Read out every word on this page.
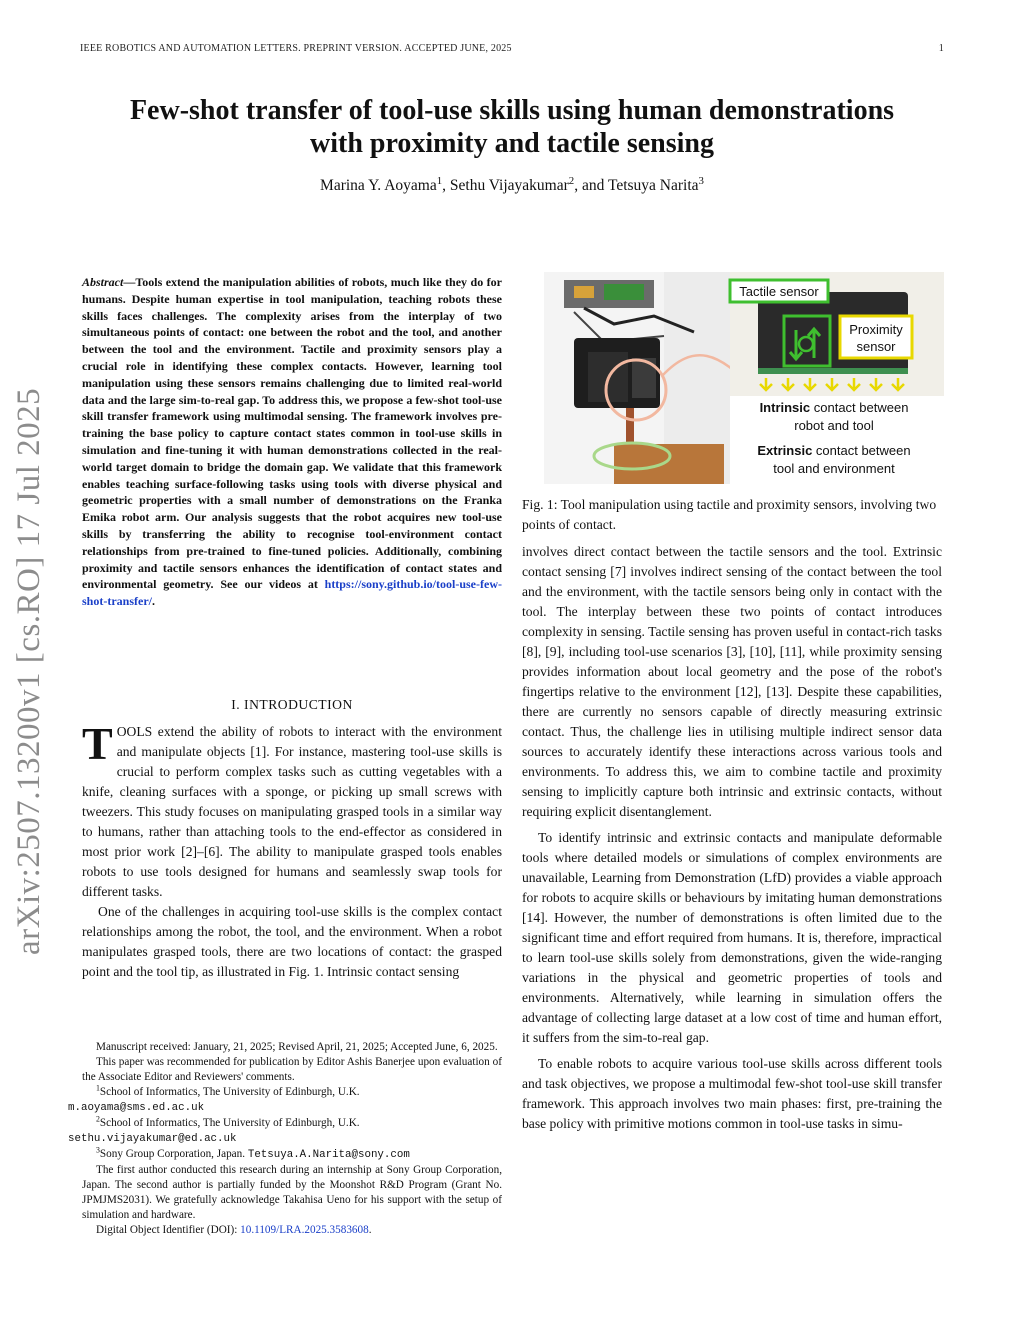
IEEE ROBOTICS AND AUTOMATION LETTERS. PREPRINT VERSION. ACCEPTED JUNE, 2025	1
Few-shot transfer of tool-use skills using human demonstrations
with proximity and tactile sensing
Marina Y. Aoyama$^1$, Sethu Vijayakumar$^2$, and Tetsuya Narita$^3$
arXiv:2507.13200v1 [cs.RO] 17 Jul 2025
Abstract—Tools extend the manipulation abilities of robots, much like they do for humans. Despite human expertise in tool manipulation, teaching robots these skills faces challenges. The complexity arises from the interplay of two simultaneous points of contact: one between the robot and the tool, and another between the tool and the environment. Tactile and proximity sensors play a crucial role in identifying these complex contacts. However, learning tool manipulation using these sensors remains challenging due to limited real-world data and the large sim-to-real gap. To address this, we propose a few-shot tool-use skill transfer framework using multimodal sensing. The framework involves pre-training the base policy to capture contact states common in tool-use skills in simulation and fine-tuning it with human demonstrations collected in the real-world target domain to bridge the domain gap. We validate that this framework enables teaching surface-following tasks using tools with diverse physical and geometric properties with a small number of demonstrations on the Franka Emika robot arm. Our analysis suggests that the robot acquires new tool-use skills by transferring the ability to recognise tool-environment contact relationships from pre-trained to fine-tuned policies. Additionally, combining proximity and tactile sensors enhances the identification of contact states and environmental geometry. See our videos at https://sony.github.io/tool-use-few-shot-transfer/.
I. INTRODUCTION

TOOLS extend the ability of robots to interact with the environment and manipulate objects [1]. For instance, mastering tool-use skills is crucial to perform complex tasks such as cutting vegetables with a knife, cleaning surfaces with a sponge, or picking up small screws with tweezers. This study focuses on manipulating grasped tools in a similar way to humans, rather than attaching tools to the end-effector as considered in most prior work [2]–[6]. The ability to manipulate grasped tools enables robots to use tools designed for humans and seamlessly swap tools for different tasks.

One of the challenges in acquiring tool-use skills is the complex contact relationships among the robot, the tool, and the environment. When a robot manipulates grasped tools, there are two locations of contact: the grasped point and the tool tip, as illustrated in Fig. 1. Intrinsic contact sensing

Manuscript received: January, 21, 2025; Revised April, 21, 2025; Accepted June, 6, 2025.

This paper was recommended for publication by Editor Ashis Banerjee upon evaluation of the Associate Editor and Reviewers' comments.

$^1$School of Informatics, The University of Edinburgh, U.K.
m.aoyama@sms.ed.ac.uk

$^2$School of Informatics, The University of Edinburgh, U.K.
sethu.vijayakumar@ed.ac.uk

$^3$Sony Group Corporation, Japan. Tetsuya.A.Narita@sony.com

The first author conducted this research during an internship at Sony Group Corporation, Japan. The second author is partially funded by the Moonshot R&D Program (Grant No. JPMJMS2031). We gratefully acknowledge Takahisa Ueno for his support with the setup of simulation and hardware.

Digital Object Identifier (DOI): 10.1109/LRA.2025.3583608.

Tactile sensor
Proximity
sensor
Intrinsic contact between
robot and tool
Extrinsic contact between
tool and environment
Fig. 1: Tool manipulation using tactile and proximity sensors, involving two points of contact.

involves direct contact between the tactile sensors and the tool. Extrinsic contact sensing [7] involves indirect sensing of the contact between the tool and the environment, with the tactile sensors being only in contact with the tool. The interplay between these two points of contact introduces complexity in sensing. Tactile sensing has proven useful in contact-rich tasks [8], [9], including tool-use scenarios [3], [10], [11], while proximity sensing provides information about local geometry and the pose of the robot's fingertips relative to the environment [12], [13]. Despite these capabilities, there are currently no sensors capable of directly measuring extrinsic contact. Thus, the challenge lies in utilising multiple indirect sensor data sources to accurately identify these interactions across various tools and environments. To address this, we aim to combine tactile and proximity sensing to implicitly capture both intrinsic and extrinsic contacts, without requiring explicit disentanglement.

To identify intrinsic and extrinsic contacts and manipulate deformable tools where detailed models or simulations of complex environments are unavailable, Learning from Demonstration (LfD) provides a viable approach for robots to acquire skills or behaviours by imitating human demonstrations [14]. However, the number of demonstrations is often limited due to the significant time and effort required from humans. It is, therefore, impractical to learn tool-use skills solely from demonstrations, given the wide-ranging variations in the physical and geometric properties of tools and environments. Alternatively, while learning in simulation offers the advantage of collecting large dataset at a low cost of time and human effort, it suffers from the sim-to-real gap.

To enable robots to acquire various tool-use skills across different tools and task objectives, we propose a multimodal few-shot tool-use skill transfer framework. This approach involves two main phases: first, pre-training the base policy with primitive motions common in tool-use tasks in simu-
